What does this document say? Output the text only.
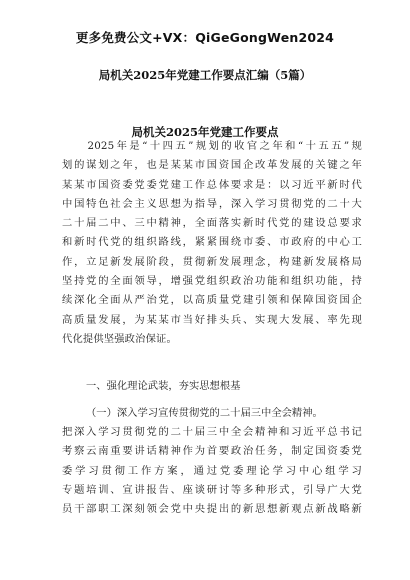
更多免费公文+VX：QiGeGongWen2024
局机关2025年党建工作要点汇编（5篇）
局机关2025年党建工作要点
　　2025年是“十四五”规划的收官之年和“十五五”规
划的谋划之年，也是某某市国资国企改革发展的关键之年
某某市国资委党委党建工作总体要求是：以习近平新时代
中国特色社会主义思想为指导，深入学习贯彻党的二十大
二十届二中、三中精神，全面落实新时代党的建设总要求
和新时代党的组织路线，紧紧围绕市委、市政府的中心工
作，立足新发展阶段，贯彻新发展理念，构建新发展格局
坚持党的全面领导，增强党组织政治功能和组织功能，持
续深化全面从严治党，以高质量党建引领和保障国资国企
高质量发展，为某某市当好排头兵、实现大发展、率先现
代化提供坚强政治保证。
一、强化理论武装，夯实思想根基
（一）深入学习宣传贯彻党的二十届三中全会精神。
把深入学习贯彻党的二十届三中全会精神和习近平总书记
考察云南重要讲话精神作为首要政治任务，制定国资委党
委学习贯彻工作方案，通过党委理论学习中心组学习
专题培训、宣讲报告、座谈研讨等多种形式，引导广大党
员干部职工深刻领会党中央提出的新思想新观点新战略新
